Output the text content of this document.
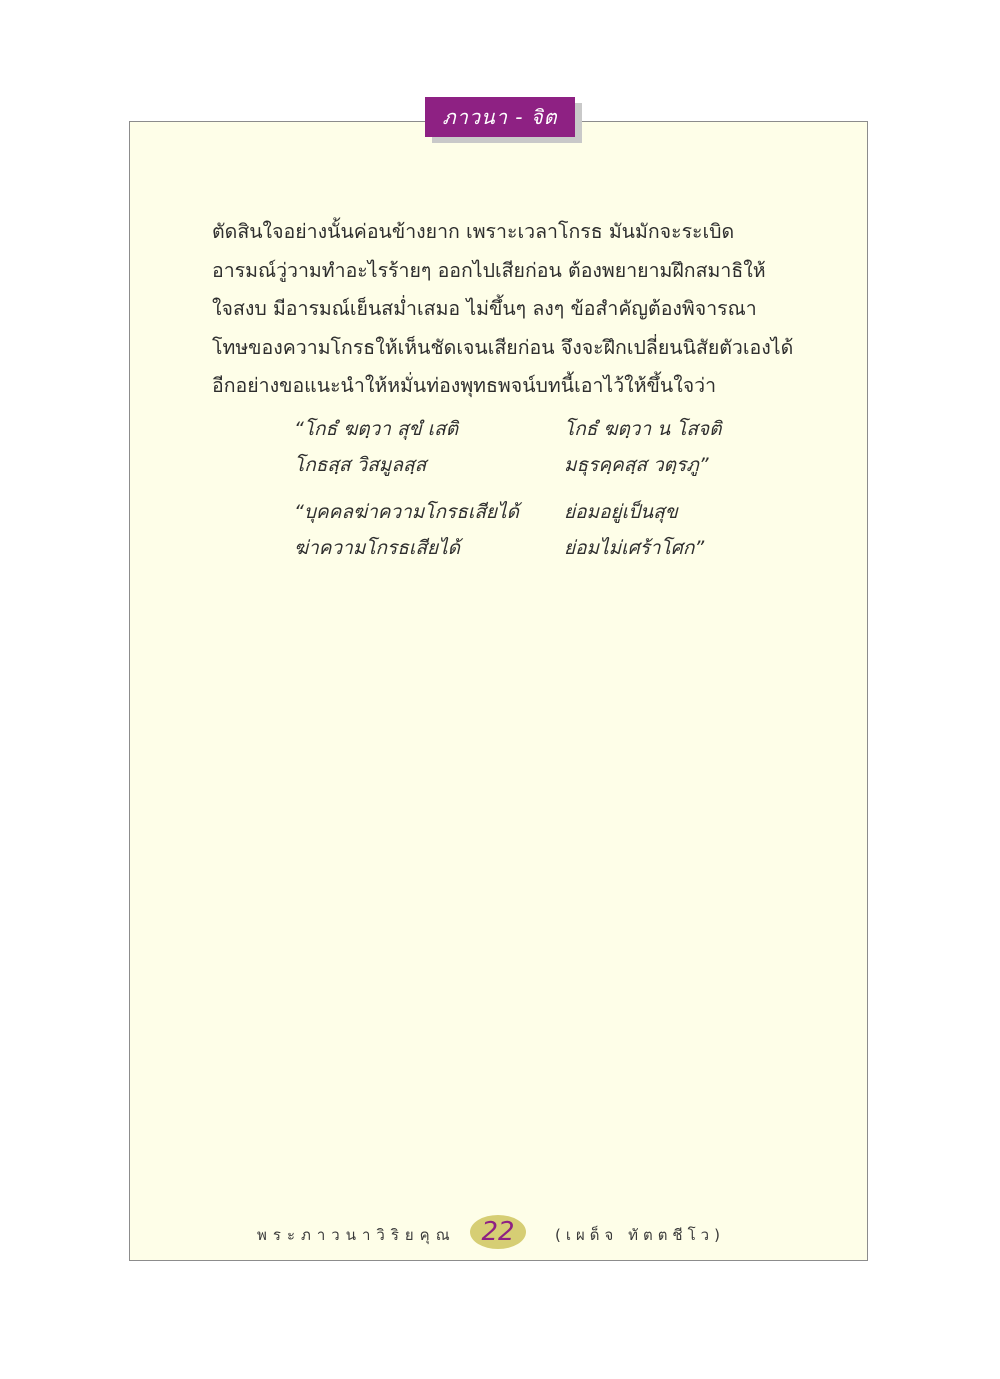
ภาวนา - จิต
ตัดสินใจอย่างนั้นค่อนข้างยาก เพราะเวลาโกรธ มันมักจะระเบิด
อารมณ์วู่วามทำอะไรร้ายๆ ออกไปเสียก่อน ต้องพยายามฝึกสมาธิให้
ใจสงบ มีอารมณ์เย็นสม่ำเสมอ ไม่ขึ้นๆ ลงๆ ข้อสำคัญต้องพิจารณา
โทษของความโกรธให้เห็นชัดเจนเสียก่อน จึงจะฝึกเปลี่ยนนิสัยตัวเองได้
อีกอย่างขอแนะนำให้หมั่นท่องพุทธพจน์บทนี้เอาไว้ให้ขึ้นใจว่า
“โกธํ ฆตฺวา สุขํ เสติ	โกธํ ฆตฺวา น โสจติ
โกธสฺส วิสมูลสฺส	มธุรคฺคสฺส วตฺรภู”
“บุคคลฆ่าความโกรธเสียได้	ย่อมอยู่เป็นสุข
ฆ่าความโกรธเสียได้	ย่อมไม่เศร้าโศก”
พระภาวนาวิริยคุณ 22	(เผด็จ ทัตตชีโว)
